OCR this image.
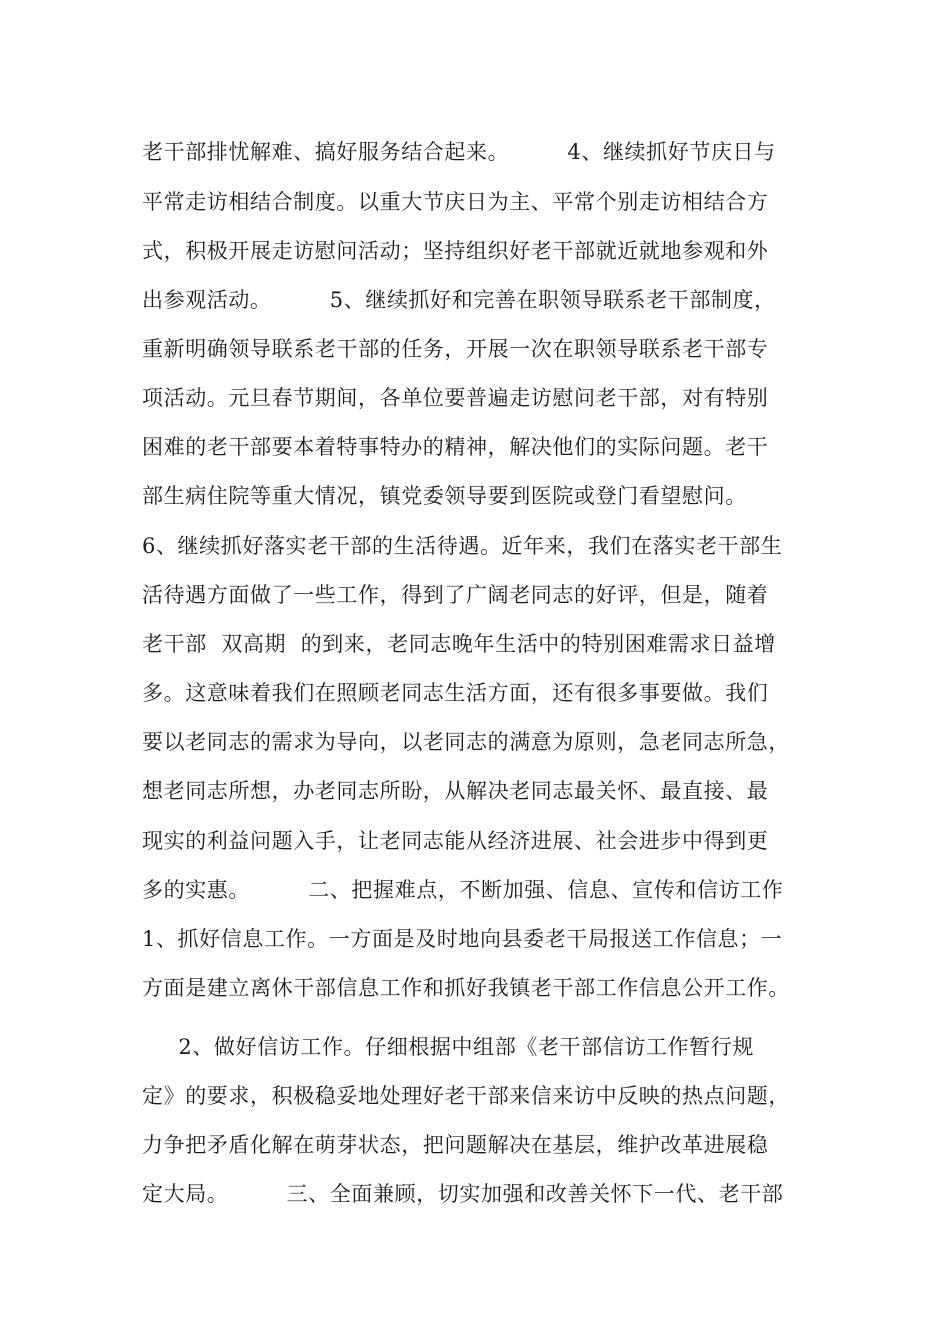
老干部排忧解难、搞好服务结合起来。        4、继续抓好节庆日与
平常走访相结合制度。以重大节庆日为主、平常个别走访相结合方
式，积极开展走访慰问活动；坚持组织好老干部就近就地参观和外
出参观活动。        5、继续抓好和完善在职领导联系老干部制度，
重新明确领导联系老干部的任务，开展一次在职领导联系老干部专
项活动。元旦春节期间，各单位要普遍走访慰问老干部，对有特别
困难的老干部要本着特事特办的精神，解决他们的实际问题。老干
部生病住院等重大情况，镇党委领导要到医院或登门看望慰问。
6、继续抓好落实老干部的生活待遇。近年来，我们在落实老干部生
活待遇方面做了一些工作，得到了广阔老同志的好评，但是，随着
老干部  双高期  的到来，老同志晚年生活中的特别困难需求日益增
多。这意味着我们在照顾老同志生活方面，还有很多事要做。我们
要以老同志的需求为导向，以老同志的满意为原则，急老同志所急，
想老同志所想，办老同志所盼，从解决老同志最关怀、最直接、最
现实的利益问题入手，让老同志能从经济进展、社会进步中得到更
多的实惠。        二、把握难点，不断加强、信息、宣传和信访工作
1、抓好信息工作。一方面是及时地向县委老干局报送工作信息；一
方面是建立离休干部信息工作和抓好我镇老干部工作信息公开工作。
2、做好信访工作。仔细根据中组部《老干部信访工作暂行规
定》的要求，积极稳妥地处理好老干部来信来访中反映的热点问题，
力争把矛盾化解在萌芽状态，把问题解决在基层，维护改革进展稳
定大局。        三、全面兼顾，切实加强和改善关怀下一代、老干部
